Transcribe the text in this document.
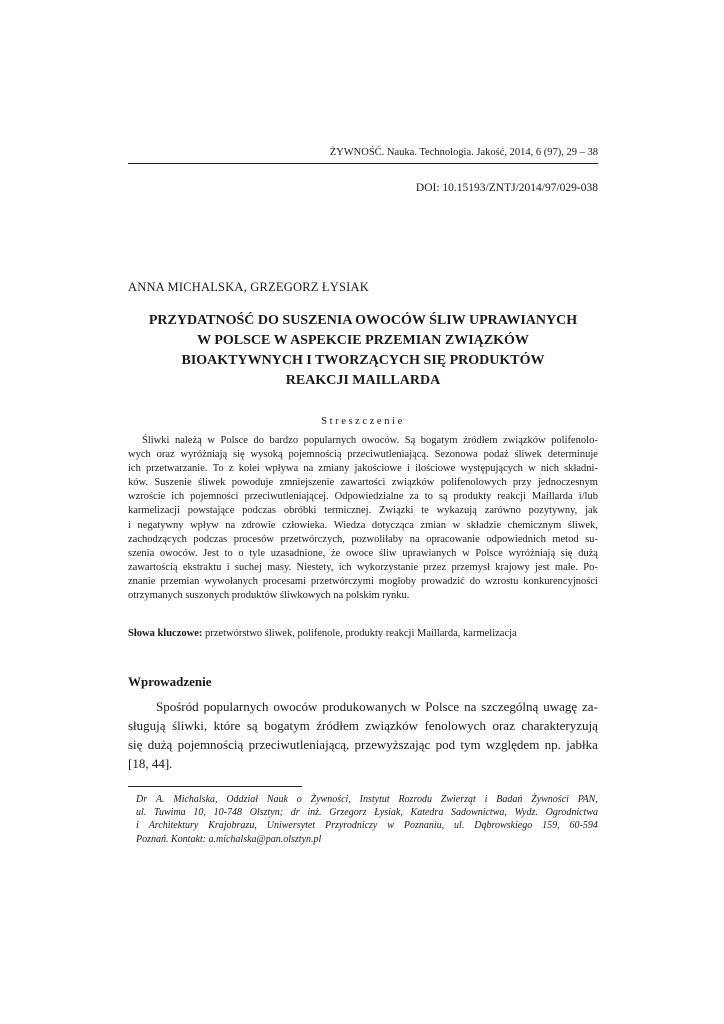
ŻYWNOŚĆ. Nauka. Technologia. Jakość, 2014, 6 (97), 29 – 38
DOI: 10.15193/ZNTJ/2014/97/029-038
ANNA MICHALSKA, GRZEGORZ ŁYSIAK
PRZYDATNOŚĆ DO SUSZENIA OWOCÓW ŚLIW UPRAWIANYCH
W POLSCE W ASPEKCIE PRZEMIAN ZWIĄZKÓW
BIOAKTYWNYCH I TWORZĄCYCH SIĘ PRODUKTÓW
REAKCJI MAILLARDA
Streszczenie
Śliwki należą w Polsce do bardzo popularnych owoców. Są bogatym źródłem związków polifenolo-
wych oraz wyróżniają się wysoką pojemnością przeciwutleniającą. Sezonowa podaż śliwek determinuje
ich przetwarzanie. To z kolei wpływa na zmiany jakościowe i ilościowe występujących w nich składni-
ków. Suszenie śliwek powoduje zmniejszenie zawartości związków polifenolowych przy jednoczesnym
wzroście ich pojemności przeciwutleniającej. Odpowiedzialne za to są produkty reakcji Maillarda i/lub
karmelizacji powstające podczas obróbki termicznej. Związki te wykazują zarówno pozytywny, jak
i negatywny wpływ na zdrowie człowieka. Wiedza dotycząca zmian w składzie chemicznym śliwek,
zachodzących podczas procesów przetwórczych, pozwoliłaby na opracowanie odpowiednich metod su-
szenia owoców. Jest to o tyle uzasadnione, że owoce śliw uprawianych w Polsce wyróżniają się dużą
zawartością ekstraktu i suchej masy. Niestety, ich wykorzystanie przez przemysł krajowy jest małe. Po-
znanie przemian wywołanych procesami przetwórczymi mogłoby prowadzić do wzrostu konkurencyjności
otrzymanych suszonych produktów śliwkowych na polskim rynku.
Słowa kluczowe: przetwórstwo śliwek, polifenole, produkty reakcji Maillarda, karmelizacja
Wprowadzenie
Spośród popularnych owoców produkowanych w Polsce na szczególną uwagę za-
sługują śliwki, które są bogatym źródłem związków fenolowych oraz charakteryzują
się dużą pojemnością przeciwutleniającą, przewyższając pod tym względem np. jabłka
[18, 44].
Dr A. Michalska, Oddział Nauk o Żywności, Instytut Rozrodu Zwierząt i Badań Żywności PAN,
ul. Tuwima 10, 10-748 Olsztyn; dr inż. Grzegorz Łysiak, Katedra Sadownictwa, Wydz. Ogrodnictwa
i Architektury Krajobrazu, Uniwersytet Przyrodniczy w Poznaniu, ul. Dąbrowskiego 159, 60-594
Poznań. Kontakt: a.michalska@pan.olsztyn.pl
